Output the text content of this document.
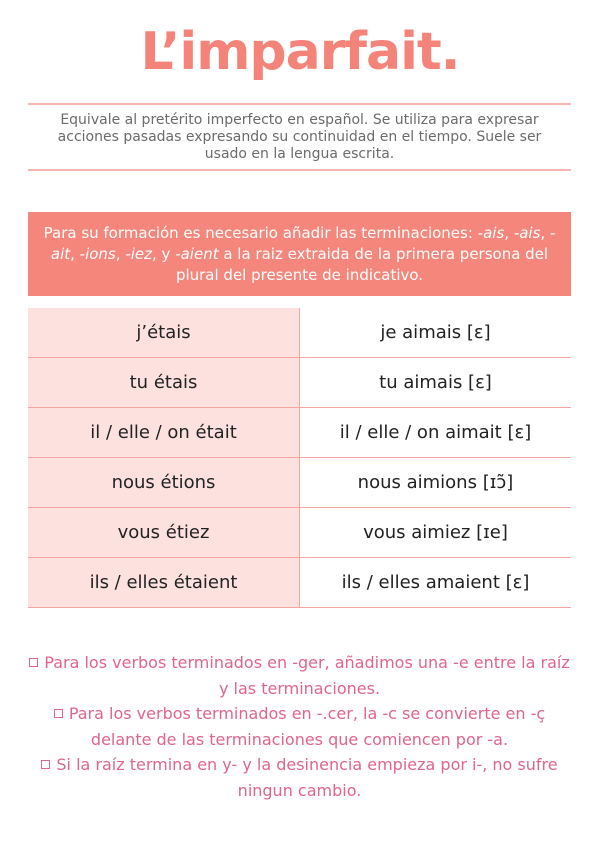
L’imparfait.
Equivale al pretérito imperfecto en español. Se utiliza para expresar acciones pasadas expresando su continuidad en el tiempo. Suele ser usado en la lengua escrita.
Para su formación es necesario añadir las terminaciones: -ais, -ais, -ait, -ions, -iez, y -aient a la raiz extraida de la primera persona del plural del presente de indicativo.
j’étais	je aimais [ɛ]
tu étais	tu aimais [ɛ]
il / elle / on était	il / elle / on aimait [ɛ]
nous étions	nous aimions [ɪɔ̃]
vous étiez	vous aimiez [ɪe]
ils / elles étaient	ils / elles amaient [ɛ]
Para los verbos terminados en -ger, añadimos una -e entre la raíz y las terminaciones.
Para los verbos terminados en -.cer, la -c se convierte en -ç delante de las terminaciones que comiencen por -a.
Si la raíz termina en y- y la desinencia empieza por i-, no sufre ningun cambio.
